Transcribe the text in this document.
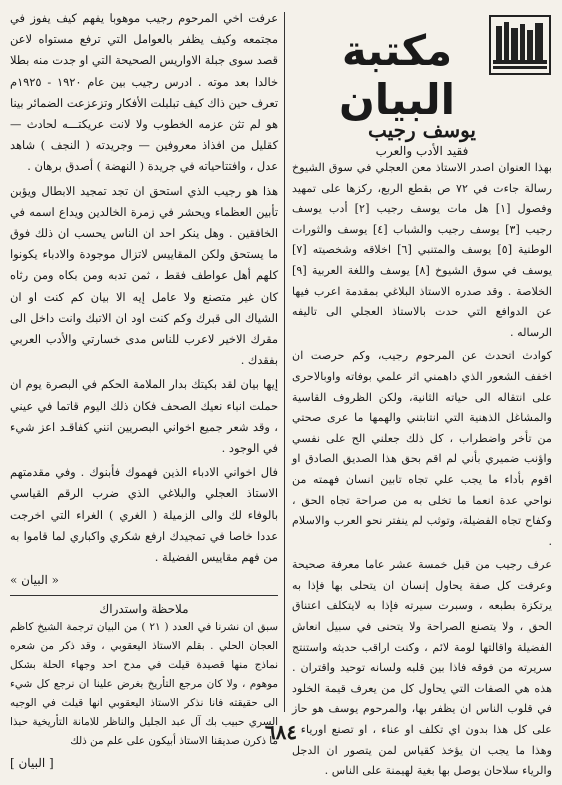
مكتبة البيان
يوسف رجيب
فقيد الأدب والعرب

بهذا العنوان اصدر الاستاذ معن العجلي في سوق الشيوخ رسالة جاءت في ٧٢ ص بقطع الربع، ركزها على تمهيد وفصول [١] هل مات يوسف رجيب [٢] أدب يوسف رجيب [٣] يوسف رجيب والشباب [٤] يوسف والثورات الوطنية [٥] يوسف والمتنبي [٦] اخلاقه وشخصيته [٧] يوسف في سوق الشيوخ [٨] يوسف واللغة العربية [٩] الخلاصة . وقد صدره الاستاذ البلاغي بمقدمة اعرب فيها عن الدوافع التي حدت بالاستاذ العجلي الى تاليفه الرساله .

كوادث اتحدث عن المرحوم رجيب، وكم حرصت ان اخفف الشعور الذي داهمني اثر علمي بوفاته واوبالاحرى على انتقاله الى حياته الثانية، ولكن الظروف القاسية والمشاغل الذهنية التي انتابتني والهمها ما عرى صحتي من تأخر واضطراب ، كل ذلك جعلني الح على نفسي واؤنب ضميري بأني لم اقم بحق هذا الصديق الصادق او اقوم بأداء ما يجب علي تجاه تابين انسان فهمته من نواحي عدة انعما ما تخلى به من صراحة تجاه الحق ، وكفاح تجاه الفضيلة، وتوثب لم ينفتر نحو العرب والاسلام .

عرف رجيب من قبل خمسة عشر عاما معرفة صحيحة وعرفت كل صفة يحاول إنسان ان يتحلى بها فإذا به يرتكزة بطبعه ، وسبرت سيرته فإذا به لايتكلف اعتناق الحق ، ولا يتصنع الصراحة ولا يتحنى في سبيل انعاش الفضيلة واقالتها لومة لائم ، وكنت اراقب حديثه واستنتج سريرته من فوقه فاذا بين قلبه ولسانه توحيد واقتران . هذه هي الصفات التي يحاول كل من يعرف قيمة الخلود في قلوب الناس ان يظفر بها، والمرحوم يوسف هو حاز على كل هذا بدون اي تكلف او عناء ، او تصنع اورياء ، وهذا ما يجب ان يؤخذ كقياس لمن يتصور ان الدجل والرياء سلاحان يوصل بها بغية لهيمنة على الناس .

عرفت اخي المرحوم رجيب موهوبا يفهم كيف يفوز في مجتمعه وكيف يظفر بالعوامل التي ترفع مستواه لاعن قصد سوى جبلة الاواريس الصحيحة التي او جدت منه بطلا خالدا بعد موته . ادرس رجيب بين عام ١٩٢٠ - ١٩٢٥م تعرف حين ذاك كيف تبلبلت الأفكار وتزعزعت الضمائر بينا هو لم تثن عزمه الخطوب ولا لانت عريكتـــه لحادث — كقليل من افذاذ معروفين — وجريدته ( النجف ) شاهد عدل ، وافتتاحياته في جريدة ( النهضة ) أصدق برهان .

هذا هو رجيب الذي استحق ان تجد تمجيد الابطال ويؤبن تأبين العظماء ويحشر في زمرة الخالدين ويداع اسمه في الخافقين . وهل ينكر احد ان الناس يحسب ان ذلك فوق ما يستحق ولكن المقاييس لاتزال موجودة والادباء يكونوا كلهم أهل عواطف فقط ، ثمن تدبه ومن بكاه ومن رثاه كان غير متصنع ولا عامل إيه الا بيان كم كنت او ان الشياك الى قبرك وكم كنت اود ان الاتبك وانت داخل الى مقرك الاخير لاعرب للناس مدى خسارتي والأدب العربي بفقدك .

إيها بيان لقد بكيتك بدار الملامة الحكم في البصرة يوم ان حملت انباء نعيك الصحف فكان ذلك اليوم قاتما في عيني ، وقد شعر جميع اخواني البصريين انني كفاقـد اعز شيء في الوجود .

فال اخواني الادباء الذين فهموك فأبنوك . وفي مقدمتهم الاستاذ العجلي والبلاغي الذي ضرب الرقم القياسي بالوفاء لك والى الزميلة ( الغري ) الغراء التي اخرجت عددا خاصا في تمجيدك ارفع شكري واكباري لما قاموا به من فهم مقاييس الفضيلة .

« البيان »
ملاحظة واستدراك

سبق ان نشرنا في العدد ( ٢١ ) من البيان ترجمة الشيخ كاظم العجان الحلي . بقلم الاستاذ اليعقوبي ، وقد ذكر من شعره نماذج منها قصيدة قيلت في مدح احد وجهاء الحلة بشكل موهوم ، ولا كان مرجع التأريخ بغرض علينا ان نرجع كل شيء الى حقيقته فانا نذكر الاستاذ اليعقوبي انها قيلت في الوجيه السري حبيب بك آل عبد الجليل والناظر للامانة التأريخية حبذا ما ذكرن صديقنا الاستاذ أبيكون على علم من ذلك

[ البيان ]
٦٨٤
